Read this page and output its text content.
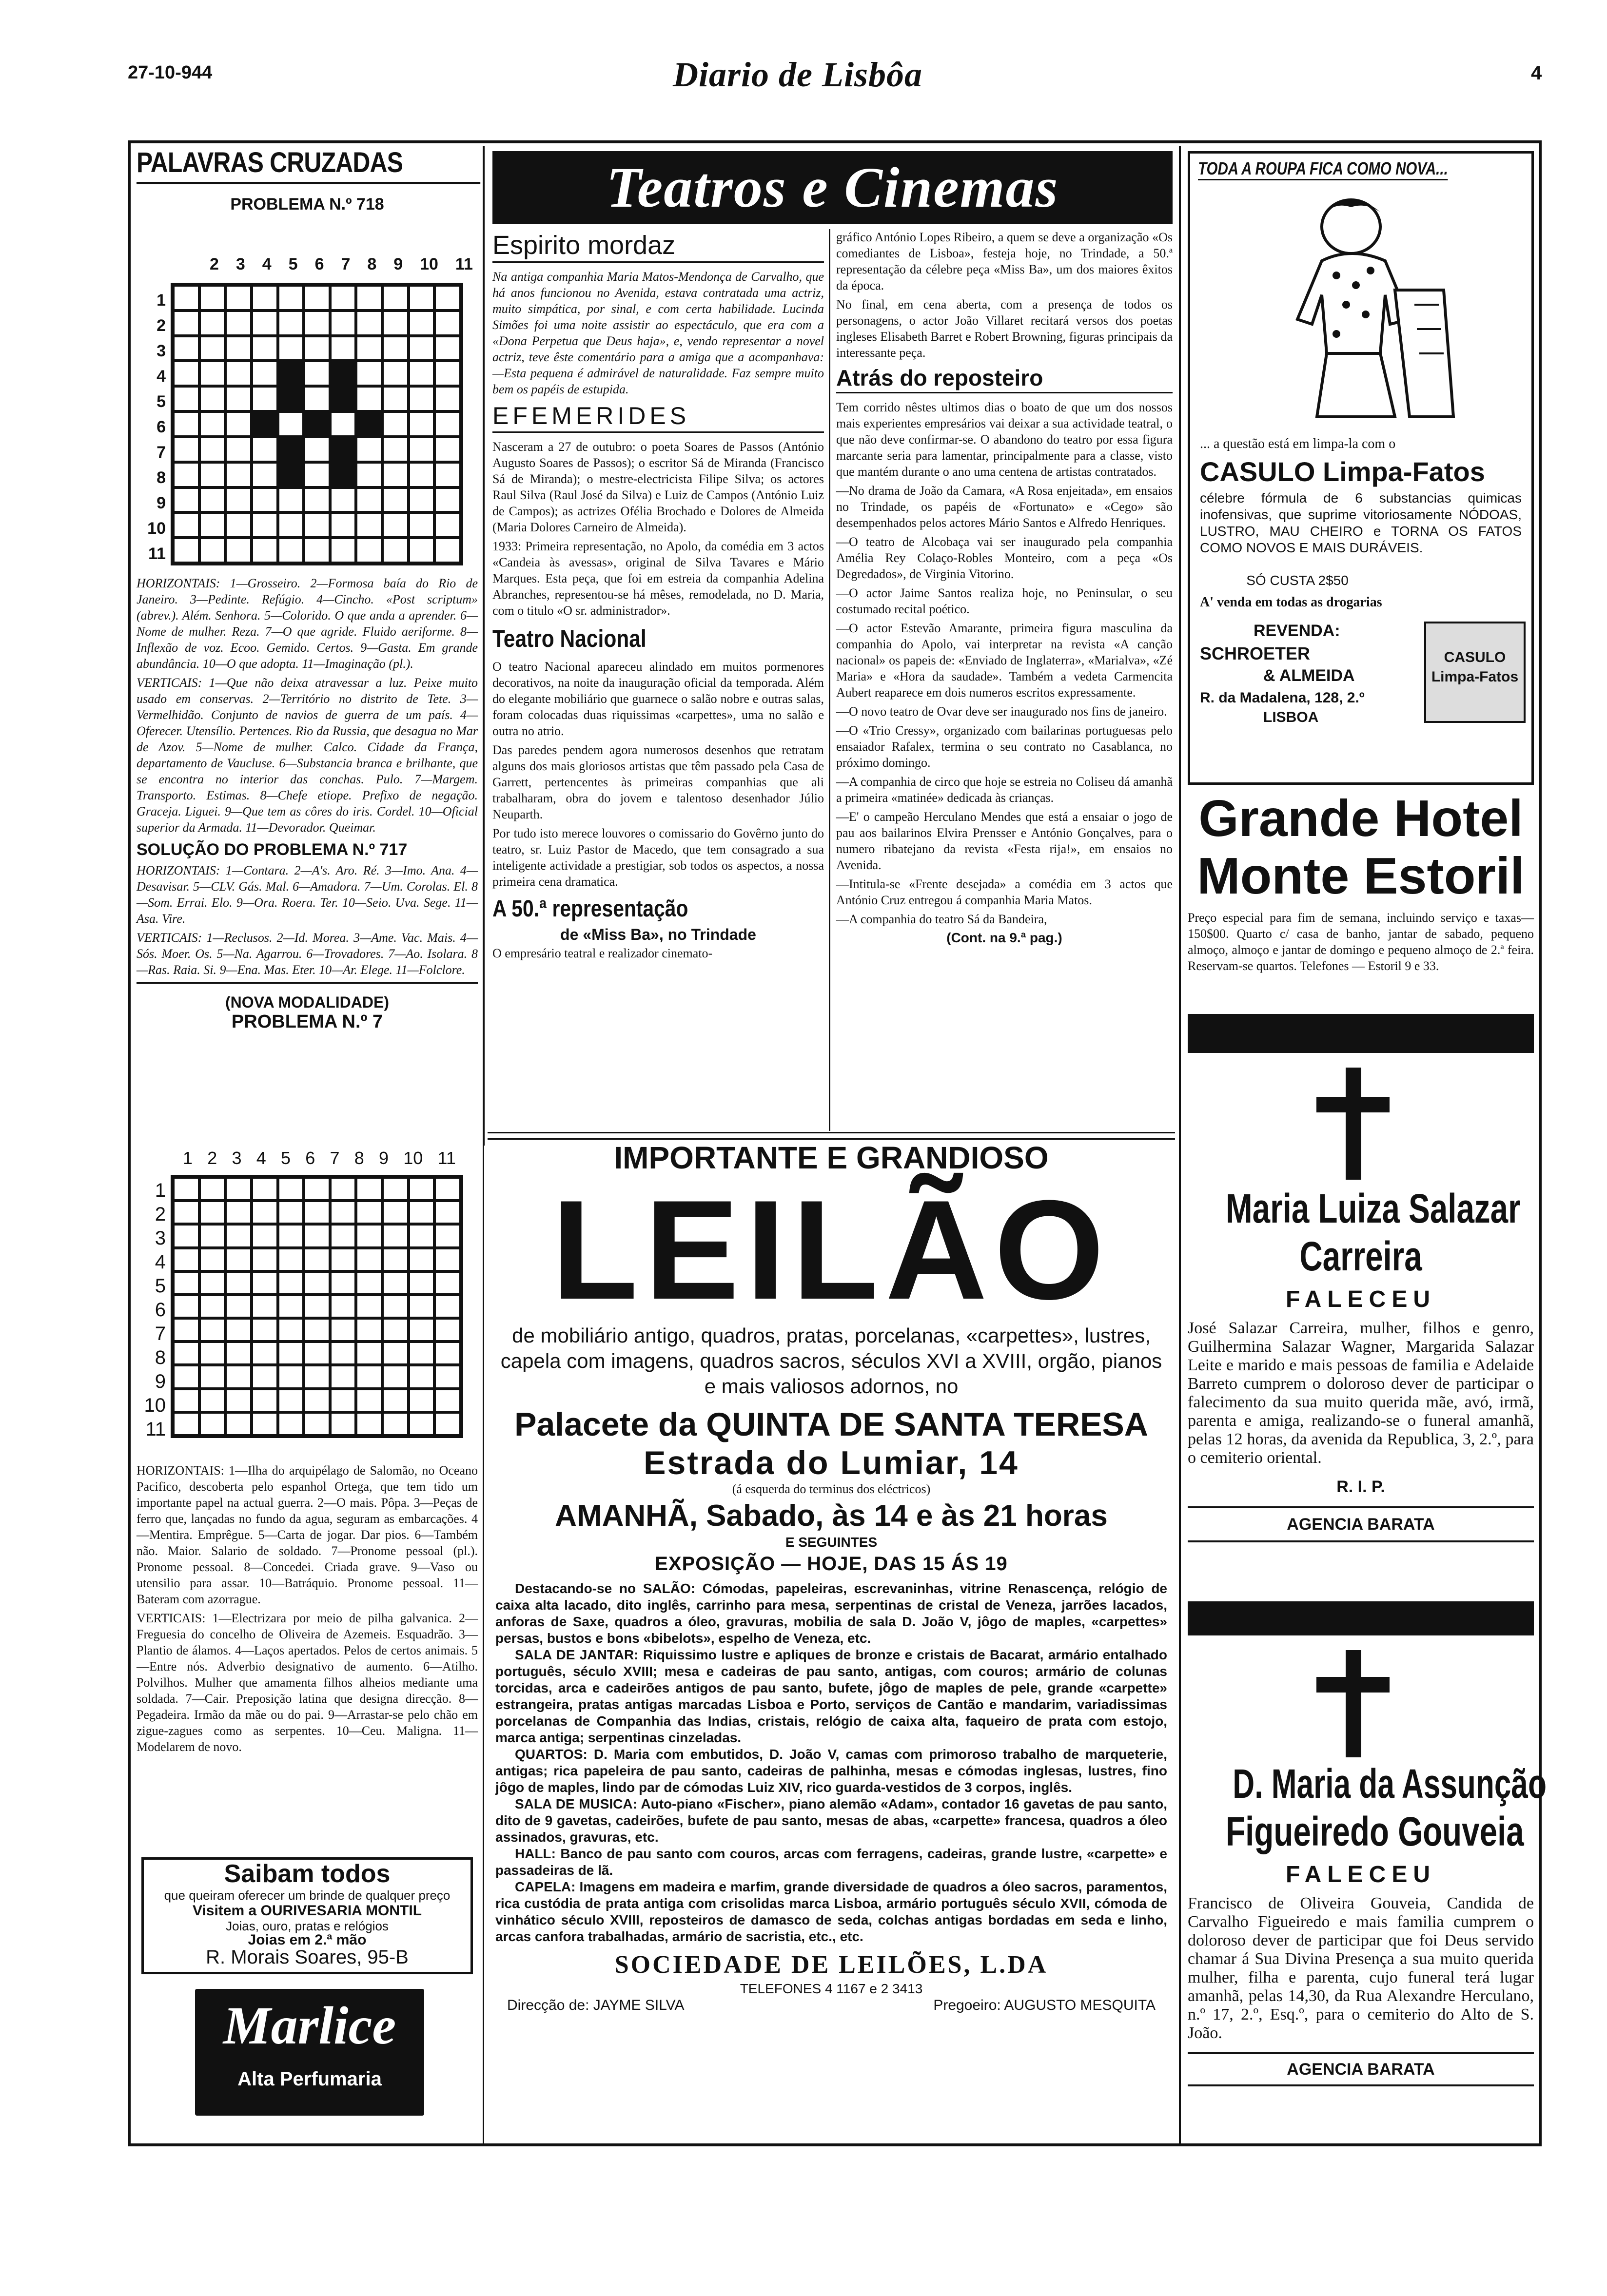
27-10-944	Diario de Lisbôa	4
PALAVRAS CRUZADAS
PROBLEMA N.º 718
2 3 4 5 6 7 8 9 10 11
1
2
3
4
5
6
7
8
9
10
11

HORIZONTAIS: 1—Grosseiro. 2—Formosa baía do Rio de Janeiro. 3—Pedinte. Refúgio. 4—Cincho. «Post scriptum» (abrev.). Além. Senhora. 5—Colorido. O que anda a aprender. 6—Nome de mulher. Reza. 7—O que agride. Fluido aeriforme. 8—Inflexão de voz. Ecoo. Gemido. Certos. 9—Gasta. Em grande abundância. 10—O que adopta. 11—Imaginação (pl.).

VERTICAIS: 1—Que não deixa atravessar a luz. Peixe muito usado em conservas. 2—Território no distrito de Tete. 3—Vermelhidão. Conjunto de navios de guerra de um país. 4—Oferecer. Utensílio. Pertences. Rio da Russia, que desagua no Mar de Azov. 5—Nome de mulher. Calco. Cidade da França, departamento de Vaucluse. 6—Substancia branca e brilhante, que se encontra no interior das conchas. Pulo. 7—Margem. Transporto. Estimas. 8—Chefe etiope. Prefixo de negação. Graceja. Liguei. 9—Que tem as côres do iris. Cordel. 10—Oficial superior da Armada. 11—Devorador. Queimar.

SOLUÇÃO DO PROBLEMA N.º 717

HORIZONTAIS: 1—Contara. 2—A's. Aro. Ré. 3—Imo. Ana. 4—Desavisar. 5—CLV. Gás. Mal. 6—Amadora. 7—Um. Corolas. El. 8—Som. Errai. Elo. 9—Ora. Roera. Ter. 10—Seio. Uva. Sege. 11—Asa. Vire.

VERTICAIS: 1—Reclusos. 2—Id. Morea. 3—Ame. Vac. Mais. 4—Sós. Moer. Os. 5—Na. Agarrou. 6—Trovadores. 7—Ao. Isolara. 8—Ras. Raia. Si. 9—Ena. Mas. Eter. 10—Ar. Elege. 11—Folclore.

(NOVA MODALIDADE)
PROBLEMA N.º 7
1 2 3 4 5 6 7 8 9 10 11
1
2
3
4
5
6
7
8
9
10
11

HORIZONTAIS: 1—Ilha do arquipélago de Salomão, no Oceano Pacifico, descoberta pelo espanhol Ortega, que tem tido um importante papel na actual guerra. 2—O mais. Pôpa. 3—Peças de ferro que, lançadas no fundo da agua, seguram as embarcações. 4—Mentira. Emprêgue. 5—Carta de jogar. Dar pios. 6—Também não. Maior. Salario de soldado. 7—Pronome pessoal (pl.). Pronome pessoal. 8—Concedei. Criada grave. 9—Vaso ou utensilio para assar. 10—Batráquio. Pronome pessoal. 11—Bateram com azorrague.

VERTICAIS: 1—Electrizara por meio de pilha galvanica. 2—Freguesia do concelho de Oliveira de Azemeis. Esquadrão. 3—Plantio de álamos. 4—Laços apertados. Pelos de certos animais. 5—Entre nós. Adverbio designativo de aumento. 6—Atilho. Polvilhos. Mulher que amamenta filhos alheios mediante uma soldada. 7—Cair. Preposição latina que designa direcção. 8—Pegadeira. Irmão da mãe ou do pai. 9—Arrastar-se pelo chão em zigue-zagues como as serpentes. 10—Ceu. Maligna. 11—Modelarem de novo.

Saibam todos
que queiram oferecer um brinde de qualquer preço
Visitem a OURIVESARIA MONTIL
Joias, ouro, pratas e relógios
Joias em 2.ª mão
R. Morais Soares, 95-B
Marlice
Alta Perfumaria
Teatros e Cinemas
Espirito mordaz

Na antiga companhia Maria Matos-Mendonça de Carvalho, que há anos funcionou no Avenida, estava contratada uma actriz, muito simpática, por sinal, e com certa habilidade. Lucinda Simões foi uma noite assistir ao espectáculo, que era com a «Dona Perpetua que Deus haja», e, vendo representar a novel actriz, teve êste comentário para a amiga que a acompanhava: —Esta pequena é admirável de naturalidade. Faz sempre muito bem os papéis de estupida.

EFEMERIDES

Nasceram a 27 de outubro: o poeta Soares de Passos (António Augusto Soares de Passos); o escritor Sá de Miranda (Francisco Sá de Miranda); o mestre-electricista Filipe Silva; os actores Raul Silva (Raul José da Silva) e Luiz de Campos (António Luiz de Campos); as actrizes Ofélia Brochado e Dolores de Almeida (Maria Dolores Carneiro de Almeida).

1933: Primeira representação, no Apolo, da comédia em 3 actos «Candeia às avessas», original de Silva Tavares e Mário Marques. Esta peça, que foi em estreia da companhia Adelina Abranches, representou-se há mêses, remodelada, no D. Maria, com o titulo «O sr. administrador».

Teatro Nacional

O teatro Nacional apareceu alindado em muitos pormenores decorativos, na noite da inauguração oficial da temporada. Além do elegante mobiliário que guarnece o salão nobre e outras salas, foram colocadas duas riquissimas «carpettes», uma no salão e outra no atrio.

Das paredes pendem agora numerosos desenhos que retratam alguns dos mais gloriosos artistas que têm passado pela Casa de Garrett, pertencentes às primeiras companhias que ali trabalharam, obra do jovem e talentoso desenhador Júlio Neuparth.

Por tudo isto merece louvores o comissario do Govêrno junto do teatro, sr. Luiz Pastor de Macedo, que tem consagrado a sua inteligente actividade a prestigiar, sob todos os aspectos, a nossa primeira cena dramatica.

A 50.ª representação
de «Miss Ba», no Trindade

O empresário teatral e realizador cinemato-

gráfico António Lopes Ribeiro, a quem se deve a organização «Os comediantes de Lisboa», festeja hoje, no Trindade, a 50.ª representação da célebre peça «Miss Ba», um dos maiores êxitos da época.

No final, em cena aberta, com a presença de todos os personagens, o actor João Villaret recitará versos dos poetas ingleses Elisabeth Barret e Robert Browning, figuras principais da interessante peça.

Atrás do reposteiro

Tem corrido nêstes ultimos dias o boato de que um dos nossos mais experientes empresários vai deixar a sua actividade teatral, o que não deve confirmar-se. O abandono do teatro por essa figura marcante seria para lamentar, principalmente para a classe, visto que mantém durante o ano uma centena de artistas contratados.

—No drama de João da Camara, «A Rosa enjeitada», em ensaios no Trindade, os papéis de «Fortunato» e «Cego» são desempenhados pelos actores Mário Santos e Alfredo Henriques.

—O teatro de Alcobaça vai ser inaugurado pela companhia Amélia Rey Colaço-Robles Monteiro, com a peça «Os Degredados», de Virginia Vitorino.

—O actor Jaime Santos realiza hoje, no Peninsular, o seu costumado recital poético.

—O actor Estevão Amarante, primeira figura masculina da companhia do Apolo, vai interpretar na revista «A canção nacional» os papeis de: «Enviado de Inglaterra», «Marialva», «Zé Maria» e «Hora da saudade». Também a vedeta Carmencita Aubert reaparece em dois numeros escritos expressamente.

—O novo teatro de Ovar deve ser inaugurado nos fins de janeiro.

—O «Trio Cressy», organizado com bailarinas portuguesas pelo ensaiador Rafalex, termina o seu contrato no Casablanca, no próximo domingo.

—A companhia de circo que hoje se estreia no Coliseu dá amanhã a primeira «matinée» dedicada às crianças.

—E' o campeão Herculano Mendes que está a ensaiar o jogo de pau aos bailarinos Elvira Prensser e António Gonçalves, para o numero ribatejano da revista «Festa rija!», em ensaios no Avenida.

—Intitula-se «Frente desejada» a comédia em 3 actos que António Cruz entregou á companhia Maria Matos.

—A companhia do teatro Sá da Bandeira,

(Cont. na 9.ª pag.)
IMPORTANTE E GRANDIOSO
LEILÃO
de mobiliário antigo, quadros, pratas, porcelanas, «carpettes», lustres, capela com imagens, quadros sacros, séculos XVI a XVIII, orgão, pianos e mais valiosos adornos, no
Palacete da QUINTA DE SANTA TERESA
Estrada do Lumiar, 14
(á esquerda do terminus dos eléctricos)
AMANHÃ, Sabado, às 14 e às 21 horas
E SEGUINTES
EXPOSIÇÃO — HOJE, DAS 15 ÁS 19

Destacando-se no SALÃO: Cómodas, papeleiras, escrevaninhas, vitrine Renascença, relógio de caixa alta lacado, dito inglês, carrinho para mesa, serpentinas de cristal de Veneza, jarrões lacados, anforas de Saxe, quadros a óleo, gravuras, mobilia de sala D. João V, jôgo de maples, «carpettes» persas, bustos e bons «bibelots», espelho de Veneza, etc.

SALA DE JANTAR: Riquissimo lustre e apliques de bronze e cristais de Bacarat, armário entalhado português, século XVIII; mesa e cadeiras de pau santo, antigas, com couros; armário de colunas torcidas, arca e cadeirões antigos de pau santo, bufete, jôgo de maples de pele, grande «carpette» estrangeira, pratas antigas marcadas Lisboa e Porto, serviços de Cantão e mandarim, variadissimas porcelanas de Companhia das Indias, cristais, relógio de caixa alta, faqueiro de prata com estojo, marca antiga; serpentinas cinzeladas.

QUARTOS: D. Maria com embutidos, D. João V, camas com primoroso trabalho de marqueterie, antigas; rica papeleira de pau santo, cadeiras de palhinha, mesas e cómodas inglesas, lustres, fino jôgo de maples, lindo par de cómodas Luiz XIV, rico guarda-vestidos de 3 corpos, inglês.

SALA DE MUSICA: Auto-piano «Fischer», piano alemão «Adam», contador 16 gavetas de pau santo, dito de 9 gavetas, cadeirões, bufete de pau santo, mesas de abas, «carpette» francesa, quadros a óleo assinados, gravuras, etc.

HALL: Banco de pau santo com couros, arcas com ferragens, cadeiras, grande lustre, «carpette» e passadeiras de lã.

CAPELA: Imagens em madeira e marfim, grande diversidade de quadros a óleo sacros, paramentos, rica custódia de prata antiga com crisolidas marca Lisboa, armário português século XVII, cómoda de vinhático século XVIII, reposteiros de damasco de seda, colchas antigas bordadas em seda e linho, arcas canfora trabalhadas, armário de sacristia, etc., etc.

SOCIEDADE DE LEILÕES, L.DA
TELEFONES 4 1167 e 2 3413
Direcção de: JAYME SILVA	Pregoeiro: AUGUSTO MESQUITA
TODA A ROUPA FICA COMO NOVA...
... a questão está em limpa-la com o
CASULO Limpa-Fatos
célebre fórmula de 6 substancias quimicas inofensivas, que suprime vitoriosamente NÓDOAS, LUSTRO, MAU CHEIRO e TORNA OS FATOS COMO NOVOS E MAIS DURÁVEIS.
SÓ CUSTA 2$50
A' venda em todas as drogarias
REVENDA:
SCHROETER
& ALMEIDA
R. da Madalena, 128, 2.º
LISBOA
CASULO Limpa-Fatos
Grande Hotel
Monte Estoril

Preço especial para fim de semana, incluindo serviço e taxas—150$00. Quarto c/ casa de banho, jantar de sabado, pequeno almoço, almoço e jantar de domingo e pequeno almoço de 2.ª feira. Reservam-se quartos. Telefones — Estoril 9 e 33.

Maria Luiza Salazar
Carreira
FALECEU

José Salazar Carreira, mulher, filhos e genro, Guilhermina Salazar Wagner, Margarida Salazar Leite e marido e mais pessoas de familia e Adelaide Barreto cumprem o doloroso dever de participar o falecimento da sua muito querida mãe, avó, irmã, parenta e amiga, realizando-se o funeral amanhã, pelas 12 horas, da avenida da Republica, 3, 2.º, para o cemiterio oriental.

R. I. P.
AGENCIA BARATA
D. Maria da Assunção
Figueiredo Gouveia
FALECEU

Francisco de Oliveira Gouveia, Candida de Carvalho Figueiredo e mais familia cumprem o doloroso dever de participar que foi Deus servido chamar á Sua Divina Presença a sua muito querida mulher, filha e parenta, cujo funeral terá lugar amanhã, pelas 14,30, da Rua Alexandre Herculano, n.º 17, 2.º, Esq.º, para o cemiterio do Alto de S. João.

AGENCIA BARATA
